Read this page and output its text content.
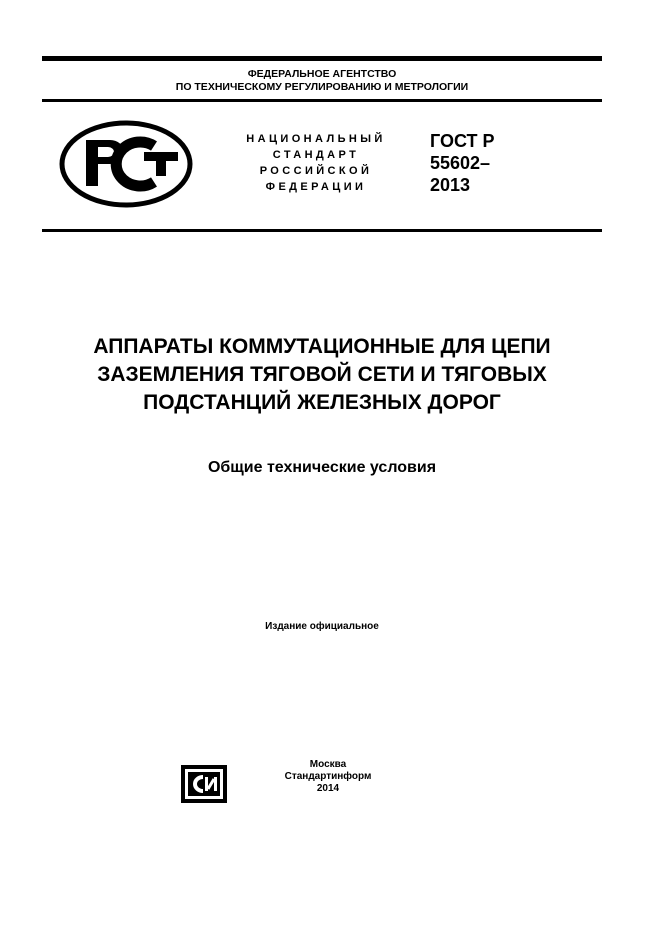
ФЕДЕРАЛЬНОЕ АГЕНТСТВО
ПО ТЕХНИЧЕСКОМУ РЕГУЛИРОВАНИЮ И МЕТРОЛОГИИ
НАЦИОНАЛЬНЫЙ
СТАНДАРТ
РОССИЙСКОЙ
ФЕДЕРАЦИИ
ГОСТ Р
55602–
2013
АППАРАТЫ КОММУТАЦИОННЫЕ ДЛЯ ЦЕПИ
ЗАЗЕМЛЕНИЯ ТЯГОВОЙ СЕТИ И ТЯГОВЫХ
ПОДСТАНЦИЙ ЖЕЛЕЗНЫХ ДОРОГ
Общие технические условия
Издание официальное
Москва
Стандартинформ
2014
